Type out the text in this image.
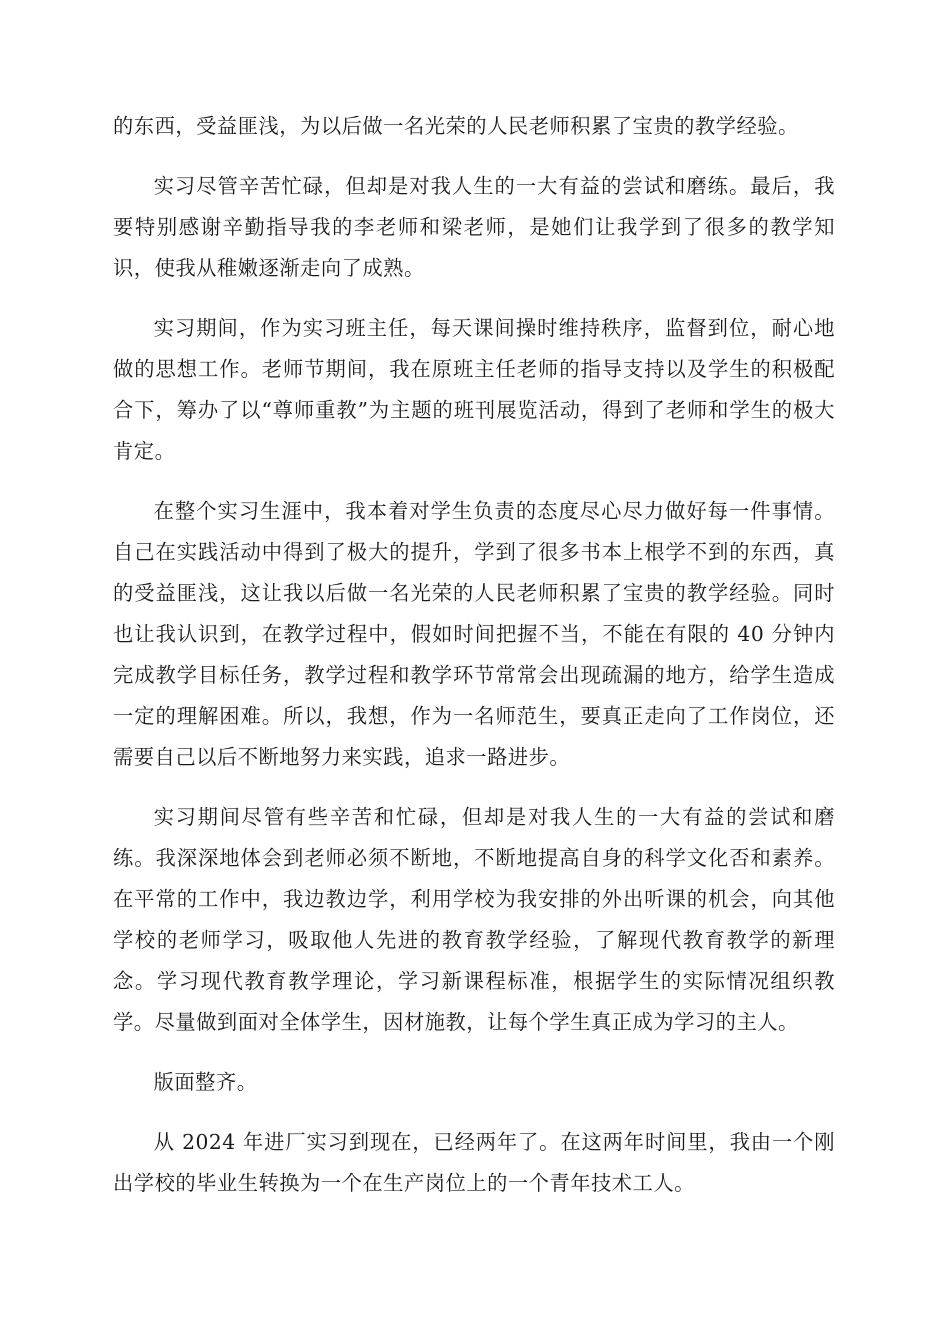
的东西，受益匪浅，为以后做一名光荣的人民老师积累了宝贵的教学经验。

实习尽管辛苦忙碌，但却是对我人生的一大有益的尝试和磨练。最后，我要特别感谢辛勤指导我的李老师和梁老师，是她们让我学到了很多的教学知识，使我从稚嫩逐渐走向了成熟。

实习期间，作为实习班主任，每天课间操时维持秩序，监督到位，耐心地做的思想工作。老师节期间，我在原班主任老师的指导支持以及学生的积极配合下，筹办了以“尊师重教”为主题的班刊展览活动，得到了老师和学生的极大肯定。

在整个实习生涯中，我本着对学生负责的态度尽心尽力做好每一件事情。自己在实践活动中得到了极大的提升，学到了很多书本上根学不到的东西，真的受益匪浅，这让我以后做一名光荣的人民老师积累了宝贵的教学经验。同时也让我认识到，在教学过程中，假如时间把握不当，不能在有限的 40 分钟内完成教学目标任务，教学过程和教学环节常常会出现疏漏的地方，给学生造成一定的理解困难。所以，我想，作为一名师范生，要真正走向了工作岗位，还需要自己以后不断地努力来实践，追求一路进步。

实习期间尽管有些辛苦和忙碌，但却是对我人生的一大有益的尝试和磨练。我深深地体会到老师必须不断地，不断地提高自身的科学文化否和素养。在平常的工作中，我边教边学，利用学校为我安排的外出听课的机会，向其他学校的老师学习，吸取他人先进的教育教学经验，了解现代教育教学的新理念。学习现代教育教学理论，学习新课程标准，根据学生的实际情况组织教学。尽量做到面对全体学生，因材施教，让每个学生真正成为学习的主人。

版面整齐。

从 2024 年进厂实习到现在，已经两年了。在这两年时间里，我由一个刚出学校的毕业生转换为一个在生产岗位上的一个青年技术工人。
